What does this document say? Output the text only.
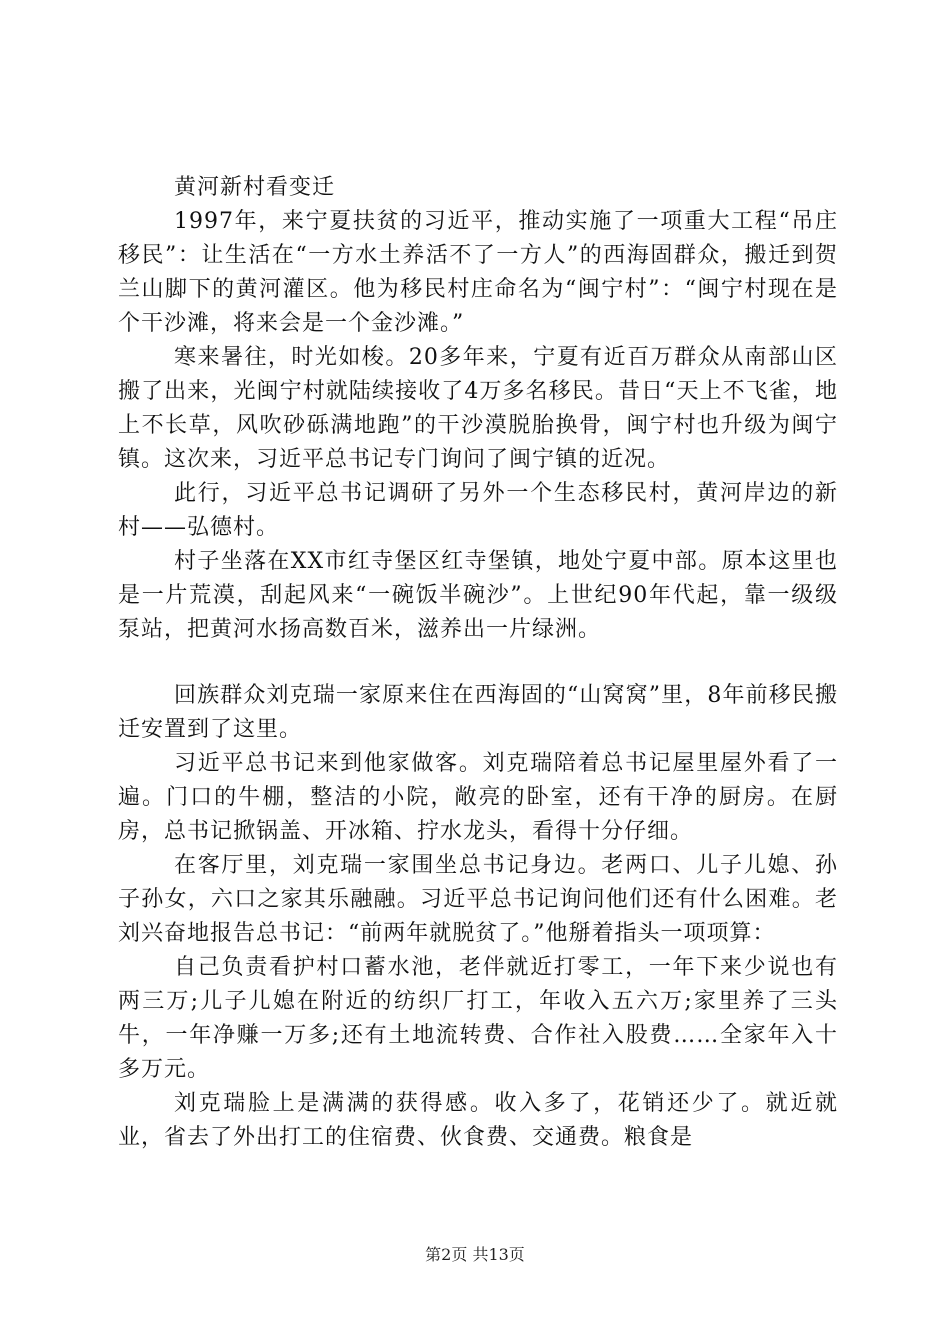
黄河新村看变迁

1997年，来宁夏扶贫的习近平，推动实施了一项重大工程“吊庄移民”：让生活在“一方水土养活不了一方人”的西海固群众，搬迁到贺兰山脚下的黄河灌区。他为移民村庄命名为“闽宁村”：“闽宁村现在是个干沙滩，将来会是一个金沙滩。”

寒来暑往，时光如梭。20多年来，宁夏有近百万群众从南部山区搬了出来，光闽宁村就陆续接收了4万多名移民。昔日“天上不飞雀，地上不长草，风吹砂砾满地跑”的干沙漠脱胎换骨，闽宁村也升级为闽宁镇。这次来，习近平总书记专门询问了闽宁镇的近况。

此行，习近平总书记调研了另外一个生态移民村，黄河岸边的新村——弘德村。

村子坐落在XX市红寺堡区红寺堡镇，地处宁夏中部。原本这里也是一片荒漠，刮起风来“一碗饭半碗沙”。上世纪90年代起，靠一级级泵站，把黄河水扬高数百米，滋养出一片绿洲。

回族群众刘克瑞一家原来住在西海固的“山窝窝”里，8年前移民搬迁安置到了这里。

习近平总书记来到他家做客。刘克瑞陪着总书记屋里屋外看了一遍。门口的牛棚，整洁的小院，敞亮的卧室，还有干净的厨房。在厨房，总书记掀锅盖、开冰箱、拧水龙头，看得十分仔细。

在客厅里，刘克瑞一家围坐总书记身边。老两口、儿子儿媳、孙子孙女，六口之家其乐融融。习近平总书记询问他们还有什么困难。老刘兴奋地报告总书记：“前两年就脱贫了。”他掰着指头一项项算：

自己负责看护村口蓄水池，老伴就近打零工，一年下来少说也有两三万;儿子儿媳在附近的纺织厂打工，年收入五六万;家里养了三头牛，一年净赚一万多;还有土地流转费、合作社入股费……全家年入十多万元。

刘克瑞脸上是满满的获得感。收入多了，花销还少了。就近就业，省去了外出打工的住宿费、伙食费、交通费。粮食是

第2页 共13页
